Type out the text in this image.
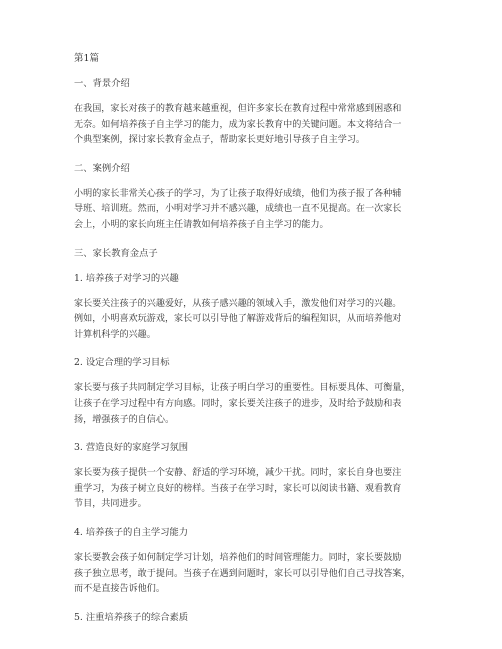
第1篇
一、背景介绍
在我国，家长对孩子的教育越来越重视，但许多家长在教育过程中常常感到困惑和
无奈。如何培养孩子自主学习的能力，成为家长教育中的关键问题。本文将结合一
个典型案例，探讨家长教育金点子，帮助家长更好地引导孩子自主学习。
二、案例介绍
小明的家长非常关心孩子的学习，为了让孩子取得好成绩，他们为孩子报了各种辅
导班、培训班。然而，小明对学习并不感兴趣，成绩也一直不见提高。在一次家长
会上，小明的家长向班主任请教如何培养孩子自主学习的能力。
三、家长教育金点子
1. 培养孩子对学习的兴趣
家长要关注孩子的兴趣爱好，从孩子感兴趣的领域入手，激发他们对学习的兴趣。
例如，小明喜欢玩游戏，家长可以引导他了解游戏背后的编程知识，从而培养他对
计算机科学的兴趣。
2. 设定合理的学习目标
家长要与孩子共同制定学习目标，让孩子明白学习的重要性。目标要具体、可衡量，
让孩子在学习过程中有方向感。同时，家长要关注孩子的进步，及时给予鼓励和表
扬，增强孩子的自信心。
3. 营造良好的家庭学习氛围
家长要为孩子提供一个安静、舒适的学习环境，减少干扰。同时，家长自身也要注
重学习，为孩子树立良好的榜样。当孩子在学习时，家长可以阅读书籍、观看教育
节目，共同进步。
4. 培养孩子的自主学习能力
家长要教会孩子如何制定学习计划，培养他们的时间管理能力。同时，家长要鼓励
孩子独立思考，敢于提问。当孩子在遇到问题时，家长可以引导他们自己寻找答案，
而不是直接告诉他们。
5. 注重培养孩子的综合素质
